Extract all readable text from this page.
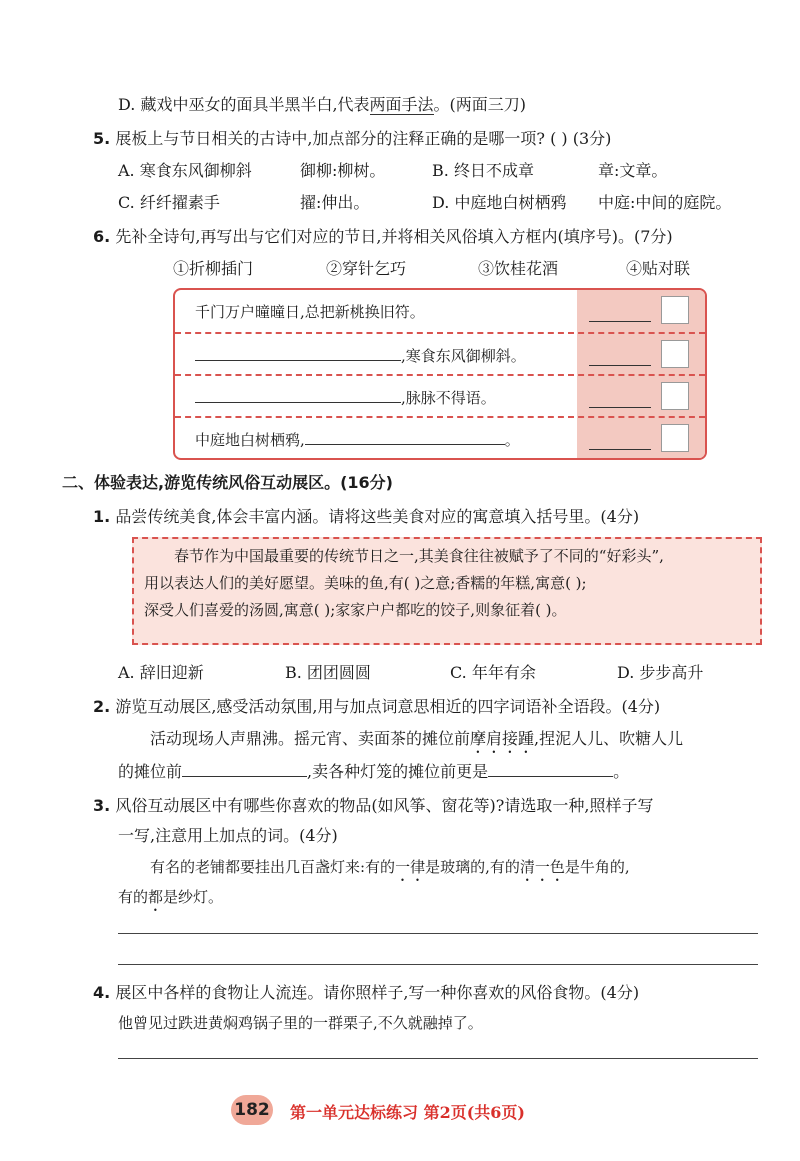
D. 藏戏中巫女的面具半黑半白,代表两面手法。(两面三刀)
5. 展板上与节日相关的古诗中,加点部分的注释正确的是哪一项? ( ) (3分)
A. 寒食东风御柳斜	御柳:柳树。	B. 终日不成章	章:文章。
C. 纤纤擢素手	擢:伸出。	D. 中庭地白树栖鸦 中庭:中间的庭院。
6. 先补全诗句,再写出与它们对应的节日,并将相关风俗填入方框内(填序号)。(7分)
①折柳插门	②穿针乞巧	③饮桂花酒	④贴对联
千门万户曈曈日,总把新桃换旧符。
,寒食东风御柳斜。
,脉脉不得语。
中庭地白树栖鸦,	。
二、体验表达,游览传统风俗互动展区。(16分)
1. 品尝传统美食,体会丰富内涵。请将这些美食对应的寓意填入括号里。(4分)

春节作为中国最重要的传统节日之一,其美食往往被赋予了不同的“好彩头”,

用以表达人们的美好愿望。美味的鱼,有( )之意;香糯的年糕,寓意( );

深受人们喜爱的汤圆,寓意( );家家户户都吃的饺子,则象征着( )。

A. 辞旧迎新	B. 团团圆圆	C. 年年有余	D. 步步高升
2. 游览互动展区,感受活动氛围,用与加点词意思相近的四字词语补全语段。(4分)
活动现场人声鼎沸。摇元宵、卖面茶的摊位前摩肩接踵,捏泥人儿、吹糖人儿
的摊位前	,卖各种灯笼的摊位前更是	。
3. 风俗互动展区中有哪些你喜欢的物品(如风筝、窗花等)?请选取一种,照样子写
一写,注意用上加点的词。(4分)
有名的老铺都要挂出几百盏灯来:有的一律是玻璃的,有的清一色是牛角的,
有的都是纱灯。
4. 展区中各样的食物让人流连。请你照样子,写一种你喜欢的风俗食物。(4分)
他曾见过跌进黄焖鸡锅子里的一群栗子,不久就融掉了。
182 第一单元达标练习 第2页(共6页)
